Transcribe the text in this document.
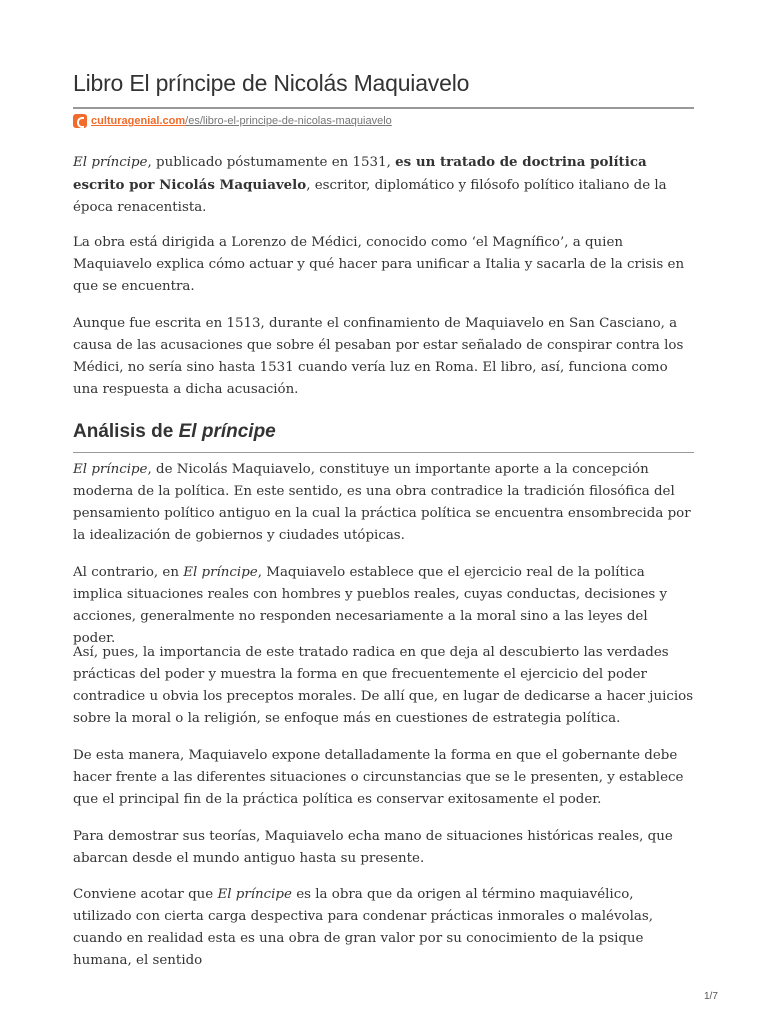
Libro El príncipe de Nicolás Maquiavelo
culturagenial.com/es/libro-el-principe-de-nicolas-maquiavelo

El príncipe, publicado póstumamente en 1531, es un tratado de doctrina política escrito por Nicolás Maquiavelo, escritor, diplomático y filósofo político italiano de la época renacentista.

La obra está dirigida a Lorenzo de Médici, conocido como ‘el Magnífico’, a quien Maquiavelo explica cómo actuar y qué hacer para unificar a Italia y sacarla de la crisis en que se encuentra.

Aunque fue escrita en 1513, durante el confinamiento de Maquiavelo en San Casciano, a causa de las acusaciones que sobre él pesaban por estar señalado de conspirar contra los Médici, no sería sino hasta 1531 cuando vería luz en Roma. El libro, así, funciona como una respuesta a dicha acusación.

Análisis de El príncipe

El príncipe, de Nicolás Maquiavelo, constituye un importante aporte a la concepción moderna de la política. En este sentido, es una obra contradice la tradición filosófica del pensamiento político antiguo en la cual la práctica política se encuentra ensombrecida por la idealización de gobiernos y ciudades utópicas.

Al contrario, en El príncipe, Maquiavelo establece que el ejercicio real de la política implica situaciones reales con hombres y pueblos reales, cuyas conductas, decisiones y acciones, generalmente no responden necesariamente a la moral sino a las leyes del poder.

Así, pues, la importancia de este tratado radica en que deja al descubierto las verdades prácticas del poder y muestra la forma en que frecuentemente el ejercicio del poder contradice u obvia los preceptos morales. De allí que, en lugar de dedicarse a hacer juicios sobre la moral o la religión, se enfoque más en cuestiones de estrategia política.

De esta manera, Maquiavelo expone detalladamente la forma en que el gobernante debe hacer frente a las diferentes situaciones o circunstancias que se le presenten, y establece que el principal fin de la práctica política es conservar exitosamente el poder.

Para demostrar sus teorías, Maquiavelo echa mano de situaciones históricas reales, que abarcan desde el mundo antiguo hasta su presente.

Conviene acotar que El príncipe es la obra que da origen al término maquiavélico, utilizado con cierta carga despectiva para condenar prácticas inmorales o malévolas, cuando en realidad esta es una obra de gran valor por su conocimiento de la psique humana, el sentido

1/7
